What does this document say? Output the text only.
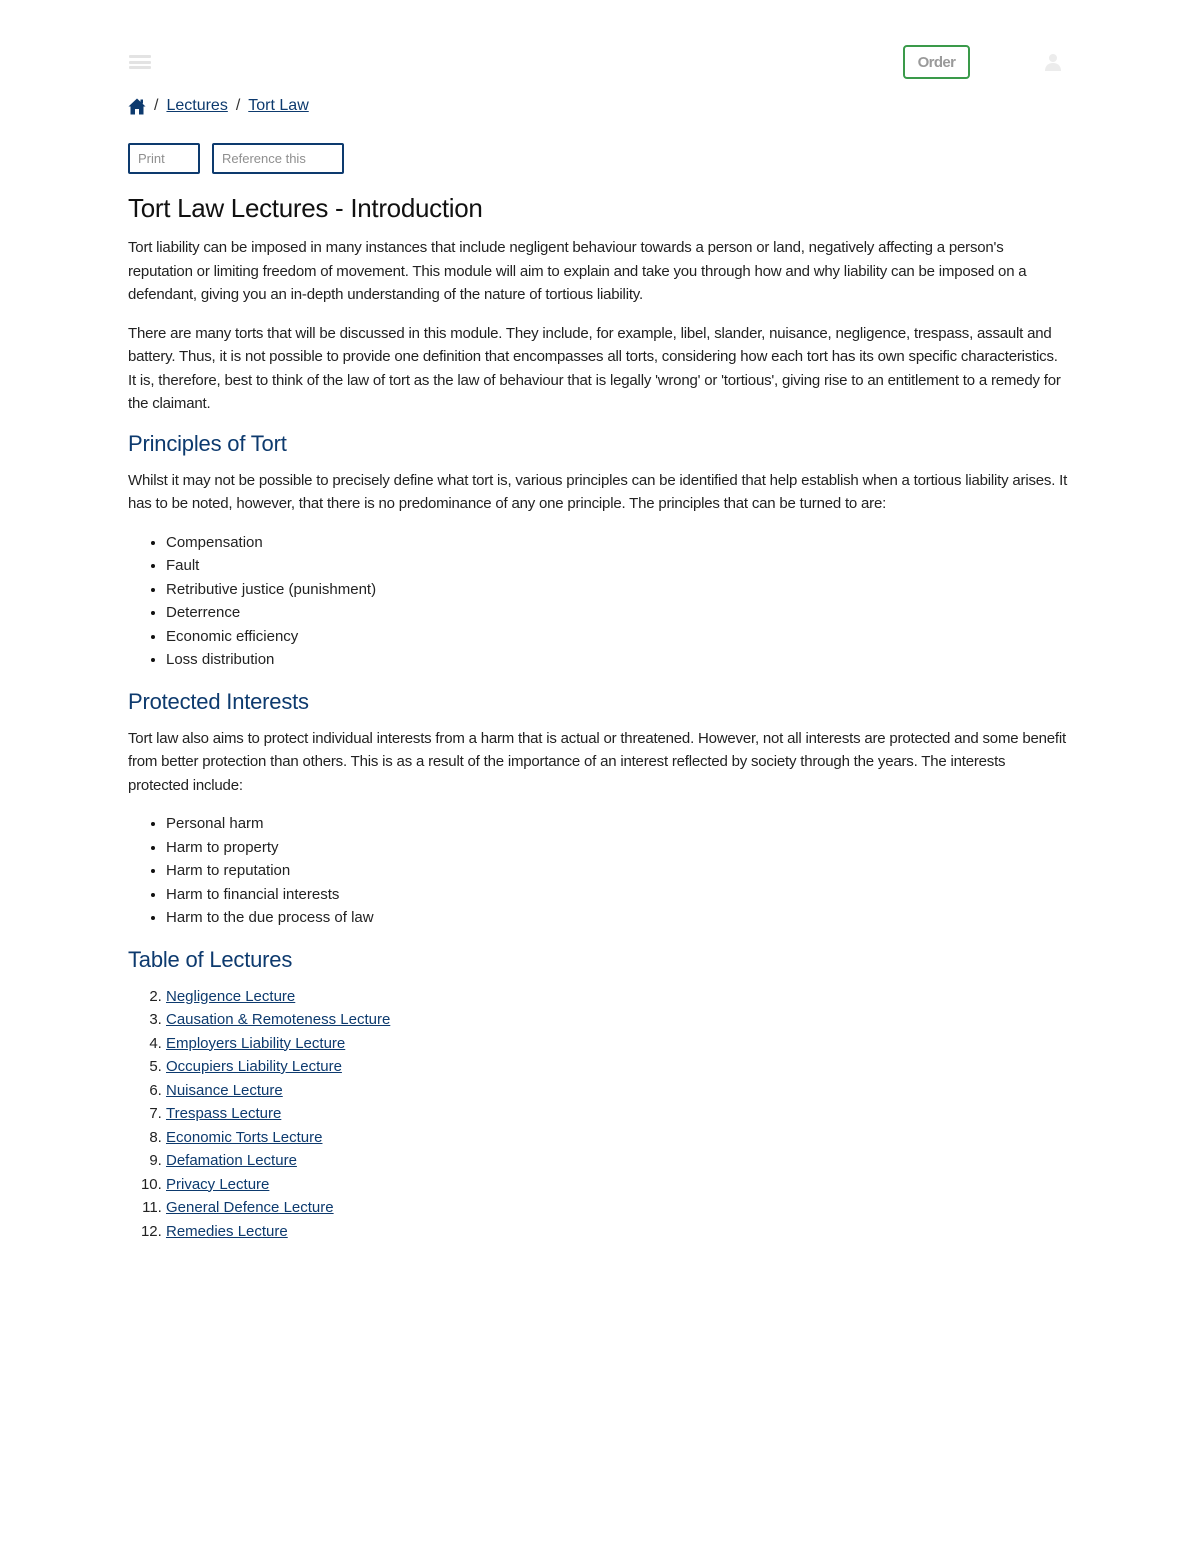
Order
/ Lectures / Tort Law
Print	Reference this
Tort Law Lectures - Introduction

Tort liability can be imposed in many instances that include negligent behaviour towards a person or land, negatively affecting a person's reputation or limiting freedom of movement. This module will aim to explain and take you through how and why liability can be imposed on a defendant, giving you an in-depth understanding of the nature of tortious liability.

There are many torts that will be discussed in this module. They include, for example, libel, slander, nuisance, negligence, trespass, assault and battery. Thus, it is not possible to provide one definition that encompasses all torts, considering how each tort has its own specific characteristics. It is, therefore, best to think of the law of tort as the law of behaviour that is legally 'wrong' or 'tortious', giving rise to an entitlement to a remedy for the claimant.

Principles of Tort

Whilst it may not be possible to precisely define what tort is, various principles can be identified that help establish when a tortious liability arises. It has to be noted, however, that there is no predominance of any one principle. The principles that can be turned to are:

• Compensation
• Fault
• Retributive justice (punishment)
• Deterrence
• Economic efficiency
• Loss distribution
Protected Interests

Tort law also aims to protect individual interests from a harm that is actual or threatened. However, not all interests are protected and some benefit from better protection than others. This is as a result of the importance of an interest reflected by society through the years. The interests protected include:

• Personal harm
• Harm to property
• Harm to reputation
• Harm to financial interests
• Harm to the due process of law
Table of Lectures
2. Negligence Lecture
3. Causation & Remoteness Lecture
4. Employers Liability Lecture
5. Occupiers Liability Lecture
6. Nuisance Lecture
7. Trespass Lecture
8. Economic Torts Lecture
9. Defamation Lecture
10. Privacy Lecture
11. General Defence Lecture
12. Remedies Lecture
